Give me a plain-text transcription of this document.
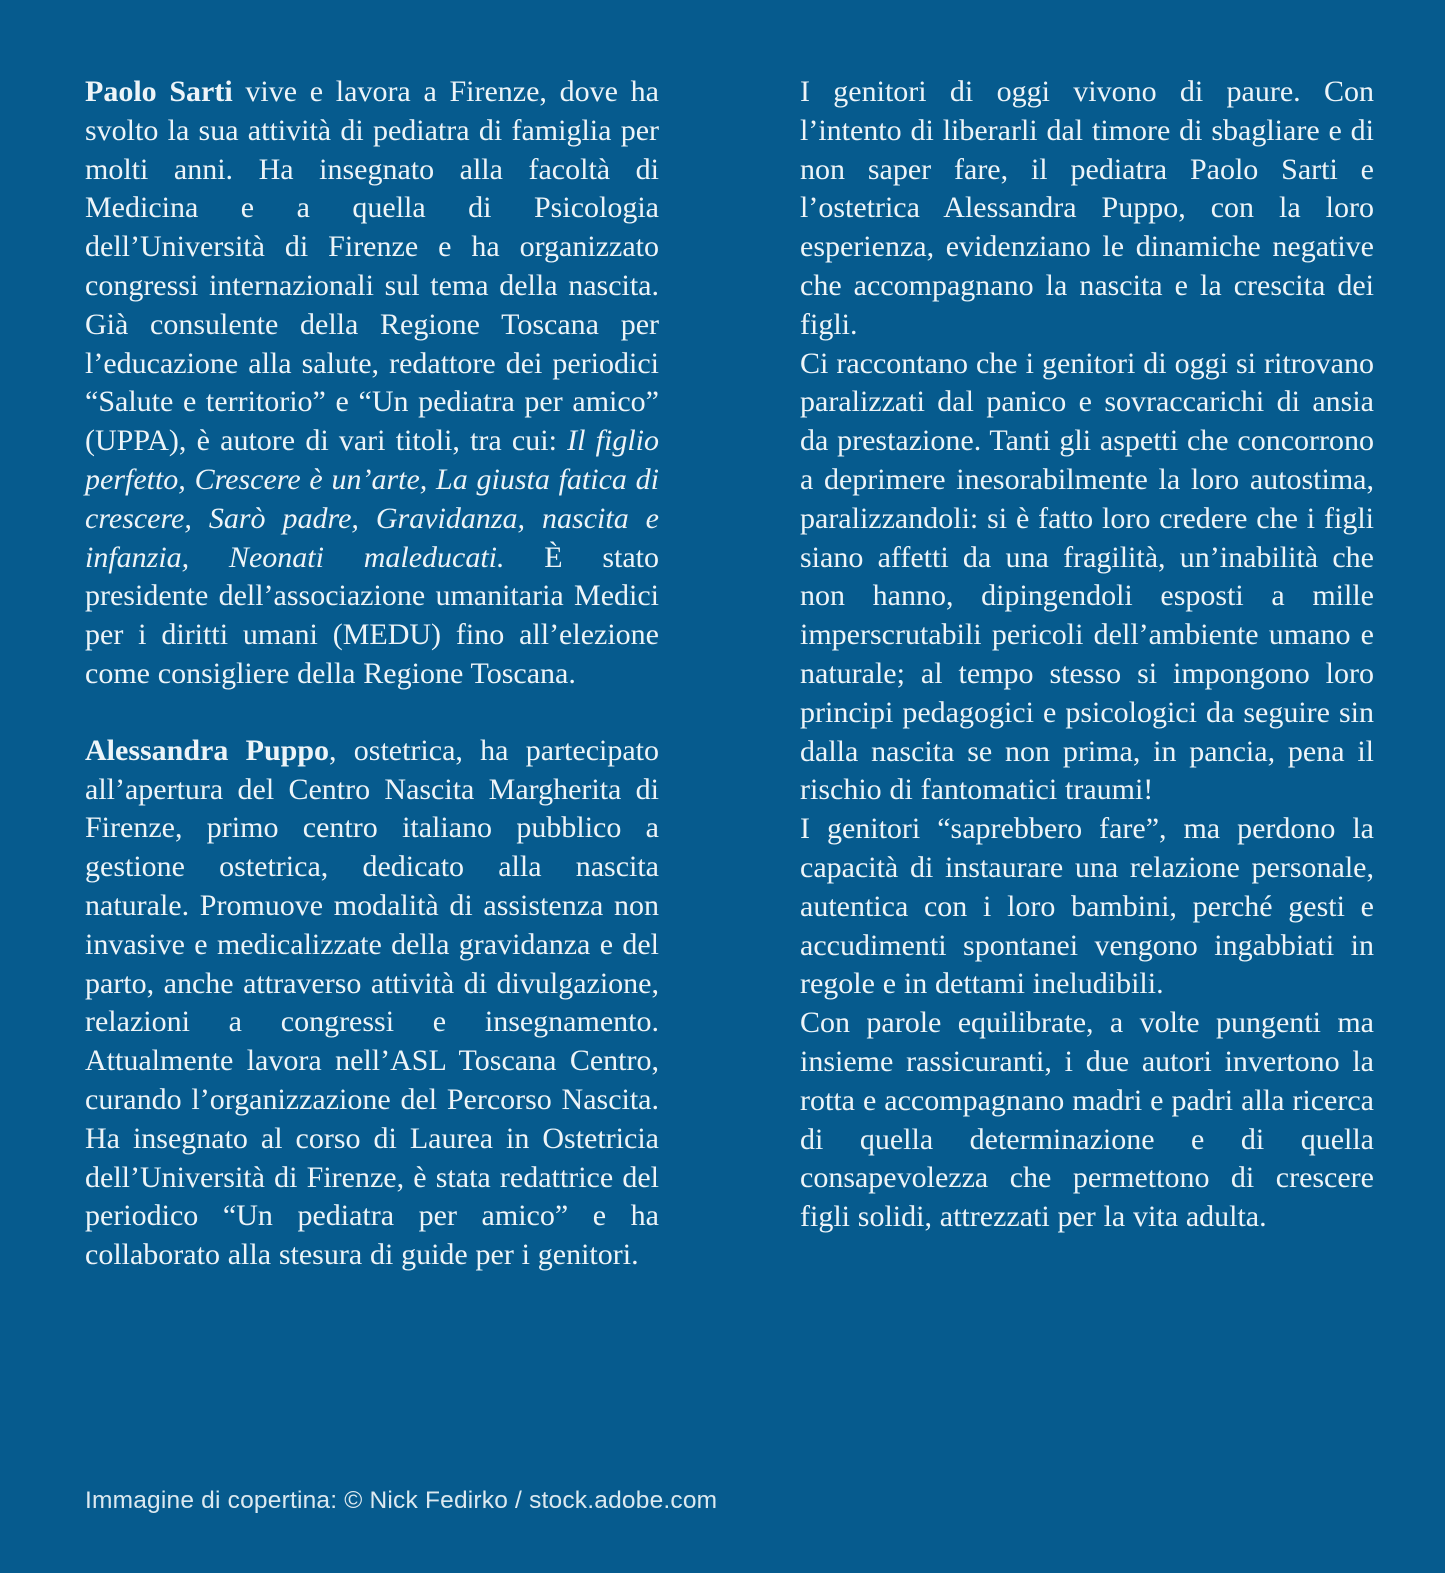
Paolo Sarti vive e lavora a Firenze, dove ha svolto la sua attività di pediatra di famiglia per molti anni. Ha insegnato alla facoltà di Medicina e a quella di Psicologia dell’Università di Firenze e ha organizzato congressi internazionali sul tema della nascita. Già consulente della Regione Toscana per l’educazione alla salute, redattore dei periodici “Salute e territorio” e “Un pediatra per amico” (UPPA), è autore di vari titoli, tra cui: Il figlio perfetto, Crescere è un’arte, La giusta fatica di crescere, Sarò padre, Gravidanza, nascita e infanzia, Neonati maleducati. È stato presidente dell’associazione umanitaria Medici per i diritti umani (MEDU) fino all’elezione come consigliere della Regione Toscana.

Alessandra Puppo, ostetrica, ha partecipato all’apertura del Centro Nascita Margherita di Firenze, primo centro italiano pubblico a gestione ostetrica, dedicato alla nascita naturale. Promuove modalità di assistenza non invasive e medicalizzate della gravidanza e del parto, anche attraverso attività di divulgazione, relazioni a congressi e insegnamento. Attualmente lavora nell’ASL Toscana Centro, curando l’organizzazione del Percorso Nascita. Ha insegnato al corso di Laurea in Ostetricia dell’Università di Firenze, è stata redattrice del periodico “Un pediatra per amico” e ha collaborato alla stesura di guide per i genitori.

I genitori di oggi vivono di paure. Con l’intento di liberarli dal timore di sbagliare e di non saper fare, il pediatra Paolo Sarti e l’ostetrica Alessandra Puppo, con la loro esperienza, evidenziano le dinamiche negative che accompagnano la nascita e la crescita dei figli.

Ci raccontano che i genitori di oggi si ritrovano paralizzati dal panico e sovraccarichi di ansia da prestazione. Tanti gli aspetti che concorrono a deprimere inesorabilmente la loro autostima, paralizzandoli: si è fatto loro credere che i figli siano affetti da una fragilità, un’inabilità che non hanno, dipingendoli esposti a mille imperscrutabili pericoli dell’ambiente umano e naturale; al tempo stesso si impongono loro principi pedagogici e psicologici da seguire sin dalla nascita se non prima, in pancia, pena il rischio di fantomatici traumi!

I genitori “saprebbero fare”, ma perdono la capacità di instaurare una relazione personale, autentica con i loro bambini, perché gesti e accudimenti spontanei vengono ingabbiati in regole e in dettami ineludibili.

Con parole equilibrate, a volte pungenti ma insieme rassicuranti, i due autori invertono la rotta e accompagnano madri e padri alla ricerca di quella determinazione e di quella consapevolezza che permettono di crescere figli solidi, attrezzati per la vita adulta.

Immagine di copertina: © Nick Fedirko / stock.adobe.com
